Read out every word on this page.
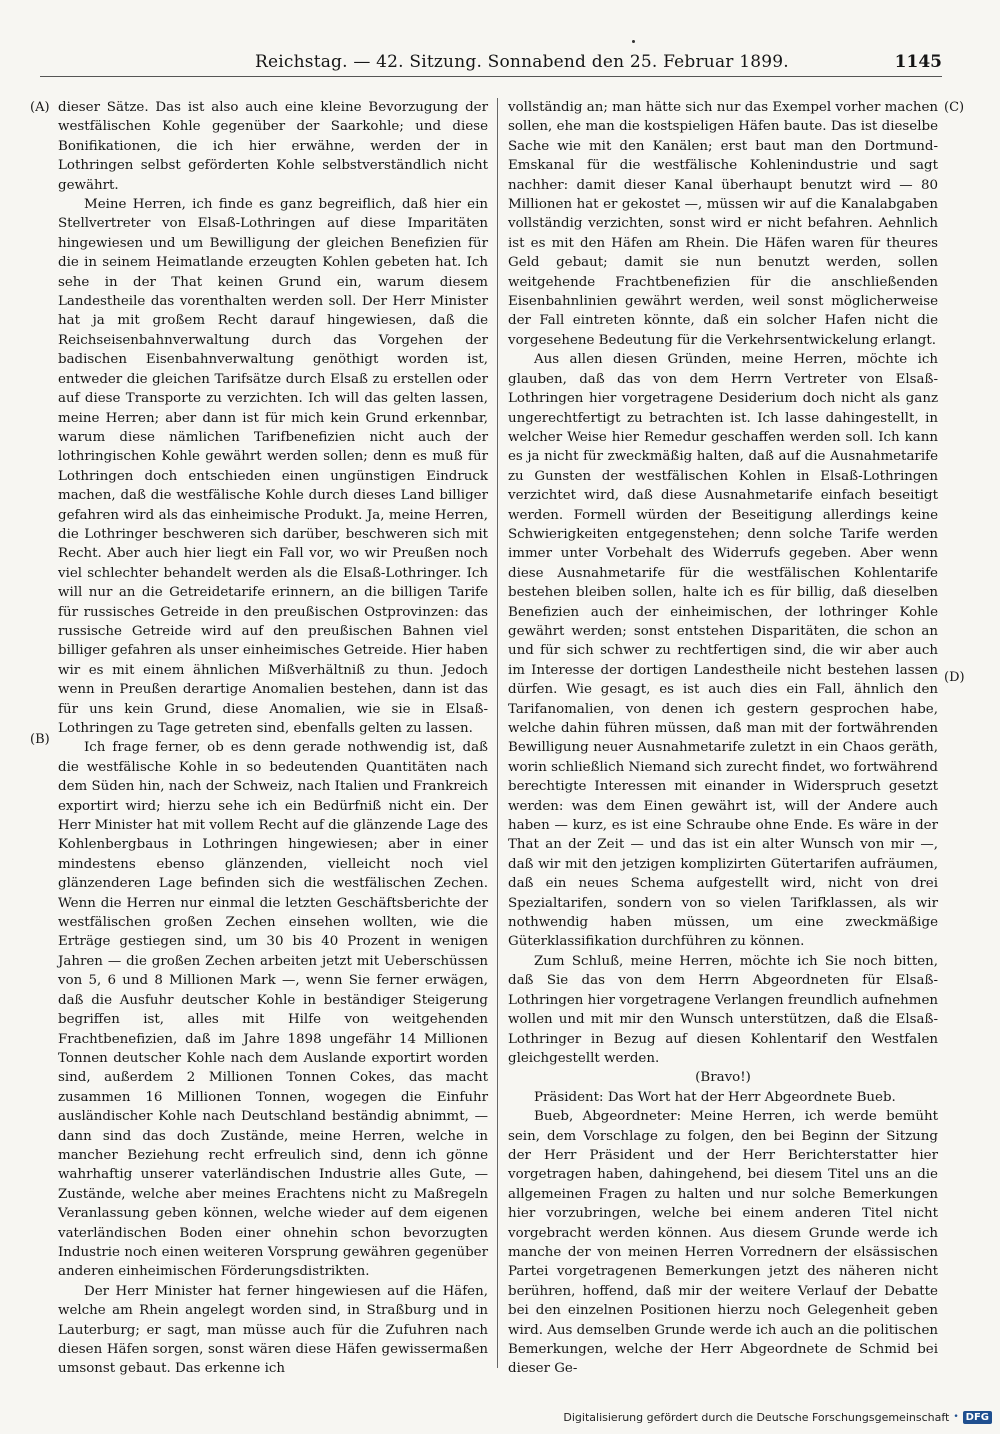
Reichstag. — 42. Sitzung. Sonnabend den 25. Februar 1899.	1145
(A)
(B)
(C)
(D)

dieser Sätze. Das ist also auch eine kleine Bevorzugung der westfälischen Kohle gegenüber der Saarkohle; und diese Bonifikationen, die ich hier erwähne, werden der in Lothringen selbst geförderten Kohle selbstverständlich nicht gewährt.

Meine Herren, ich finde es ganz begreiflich, daß hier ein Stellvertreter von Elsaß-Lothringen auf diese Imparitäten hingewiesen und um Bewilligung der gleichen Benefizien für die in seinem Heimatlande erzeugten Kohlen gebeten hat. Ich sehe in der That keinen Grund ein, warum diesem Landestheile das vorenthalten werden soll. Der Herr Minister hat ja mit großem Recht darauf hingewiesen, daß die Reichseisenbahnverwaltung durch das Vorgehen der badischen Eisenbahnverwaltung genöthigt worden ist, entweder die gleichen Tarifsätze durch Elsaß zu erstellen oder auf diese Transporte zu verzichten. Ich will das gelten lassen, meine Herren; aber dann ist für mich kein Grund erkennbar, warum diese nämlichen Tarifbenefizien nicht auch der lothringischen Kohle gewährt werden sollen; denn es muß für Lothringen doch entschieden einen ungünstigen Eindruck machen, daß die westfälische Kohle durch dieses Land billiger gefahren wird als das einheimische Produkt. Ja, meine Herren, die Lothringer beschweren sich darüber, beschweren sich mit Recht. Aber auch hier liegt ein Fall vor, wo wir Preußen noch viel schlechter behandelt werden als die Elsaß-Lothringer. Ich will nur an die Getreidetarife erinnern, an die billigen Tarife für russisches Getreide in den preußischen Ostprovinzen: das russische Getreide wird auf den preußischen Bahnen viel billiger gefahren als unser einheimisches Getreide. Hier haben wir es mit einem ähnlichen Mißverhältniß zu thun. Jedoch wenn in Preußen derartige Anomalien bestehen, dann ist das für uns kein Grund, diese Anomalien, wie sie in Elsaß-Lothringen zu Tage getreten sind, ebenfalls gelten zu lassen.

Ich frage ferner, ob es denn gerade nothwendig ist, daß die westfälische Kohle in so bedeutenden Quantitäten nach dem Süden hin, nach der Schweiz, nach Italien und Frankreich exportirt wird; hierzu sehe ich ein Bedürfniß nicht ein. Der Herr Minister hat mit vollem Recht auf die glänzende Lage des Kohlenbergbaus in Lothringen hingewiesen; aber in einer mindestens ebenso glänzenden, vielleicht noch viel glänzenderen Lage befinden sich die westfälischen Zechen. Wenn die Herren nur einmal die letzten Geschäftsberichte der westfälischen großen Zechen einsehen wollten, wie die Erträge gestiegen sind, um 30 bis 40 Prozent in wenigen Jahren — die großen Zechen arbeiten jetzt mit Ueberschüssen von 5, 6 und 8 Millionen Mark —, wenn Sie ferner erwägen, daß die Ausfuhr deutscher Kohle in beständiger Steigerung begriffen ist, alles mit Hilfe von weitgehenden Frachtbenefizien, daß im Jahre 1898 ungefähr 14 Millionen Tonnen deutscher Kohle nach dem Auslande exportirt worden sind, außerdem 2 Millionen Tonnen Cokes, das macht zusammen 16 Millionen Tonnen, wogegen die Einfuhr ausländischer Kohle nach Deutschland beständig abnimmt, — dann sind das doch Zustände, meine Herren, welche in mancher Beziehung recht erfreulich sind, denn ich gönne wahrhaftig unserer vaterländischen Industrie alles Gute, — Zustände, welche aber meines Erachtens nicht zu Maßregeln Veranlassung geben können, welche wieder auf dem eigenen vaterländischen Boden einer ohnehin schon bevorzugten Industrie noch einen weiteren Vorsprung gewähren gegenüber anderen einheimischen Förderungsdistrikten.

Der Herr Minister hat ferner hingewiesen auf die Häfen, welche am Rhein angelegt worden sind, in Straßburg und in Lauterburg; er sagt, man müsse auch für die Zufuhren nach diesen Häfen sorgen, sonst wären diese Häfen gewissermaßen umsonst gebaut. Das erkenne ich

vollständig an; man hätte sich nur das Exempel vorher machen sollen, ehe man die kostspieligen Häfen baute. Das ist dieselbe Sache wie mit den Kanälen; erst baut man den Dortmund-Emskanal für die westfälische Kohlenindustrie und sagt nachher: damit dieser Kanal überhaupt benutzt wird — 80 Millionen hat er gekostet —, müssen wir auf die Kanalabgaben vollständig verzichten, sonst wird er nicht befahren. Aehnlich ist es mit den Häfen am Rhein. Die Häfen waren für theures Geld gebaut; damit sie nun benutzt werden, sollen weitgehende Frachtbenefizien für die anschließenden Eisenbahnlinien gewährt werden, weil sonst möglicherweise der Fall eintreten könnte, daß ein solcher Hafen nicht die vorgesehene Bedeutung für die Verkehrsentwickelung erlangt.

Aus allen diesen Gründen, meine Herren, möchte ich glauben, daß das von dem Herrn Vertreter von Elsaß-Lothringen hier vorgetragene Desiderium doch nicht als ganz ungerechtfertigt zu betrachten ist. Ich lasse dahingestellt, in welcher Weise hier Remedur geschaffen werden soll. Ich kann es ja nicht für zweckmäßig halten, daß auf die Ausnahmetarife zu Gunsten der westfälischen Kohlen in Elsaß-Lothringen verzichtet wird, daß diese Ausnahmetarife einfach beseitigt werden. Formell würden der Beseitigung allerdings keine Schwierigkeiten entgegenstehen; denn solche Tarife werden immer unter Vorbehalt des Widerrufs gegeben. Aber wenn diese Ausnahmetarife für die westfälischen Kohlentarife bestehen bleiben sollen, halte ich es für billig, daß dieselben Benefizien auch der einheimischen, der lothringer Kohle gewährt werden; sonst entstehen Disparitäten, die schon an und für sich schwer zu rechtfertigen sind, die wir aber auch im Interesse der dortigen Landestheile nicht bestehen lassen dürfen. Wie gesagt, es ist auch dies ein Fall, ähnlich den Tarifanomalien, von denen ich gestern gesprochen habe, welche dahin führen müssen, daß man mit der fortwährenden Bewilligung neuer Ausnahmetarife zuletzt in ein Chaos geräth, worin schließlich Niemand sich zurecht findet, wo fortwährend berechtigte Interessen mit einander in Widerspruch gesetzt werden: was dem Einen gewährt ist, will der Andere auch haben — kurz, es ist eine Schraube ohne Ende. Es wäre in der That an der Zeit — und das ist ein alter Wunsch von mir —, daß wir mit den jetzigen komplizirten Gütertarifen aufräumen, daß ein neues Schema aufgestellt wird, nicht von drei Spezialtarifen, sondern von so vielen Tarifklassen, als wir nothwendig haben müssen, um eine zweckmäßige Güterklassifikation durchführen zu können.

Zum Schluß, meine Herren, möchte ich Sie noch bitten, daß Sie das von dem Herrn Abgeordneten für Elsaß-Lothringen hier vorgetragene Verlangen freundlich aufnehmen wollen und mit mir den Wunsch unterstützen, daß die Elsaß-Lothringer in Bezug auf diesen Kohlentarif den Westfalen gleichgestellt werden.

(Bravo!)

Präsident: Das Wort hat der Herr Abgeordnete Bueb.

Bueb, Abgeordneter: Meine Herren, ich werde bemüht sein, dem Vorschlage zu folgen, den bei Beginn der Sitzung der Herr Präsident und der Herr Berichterstatter hier vorgetragen haben, dahingehend, bei diesem Titel uns an die allgemeinen Fragen zu halten und nur solche Bemerkungen hier vorzubringen, welche bei einem anderen Titel nicht vorgebracht werden können. Aus diesem Grunde werde ich manche der von meinen Herren Vorrednern der elsässischen Partei vorgetragenen Bemerkungen jetzt des näheren nicht berühren, hoffend, daß mir der weitere Verlauf der Debatte bei den einzelnen Positionen hierzu noch Gelegenheit geben wird. Aus demselben Grunde werde ich auch an die politischen Bemerkungen, welche der Herr Abgeordnete de Schmid bei dieser Ge-

Digitalisierung gefördert durch die Deutsche Forschungsgemeinschaft • DFG
